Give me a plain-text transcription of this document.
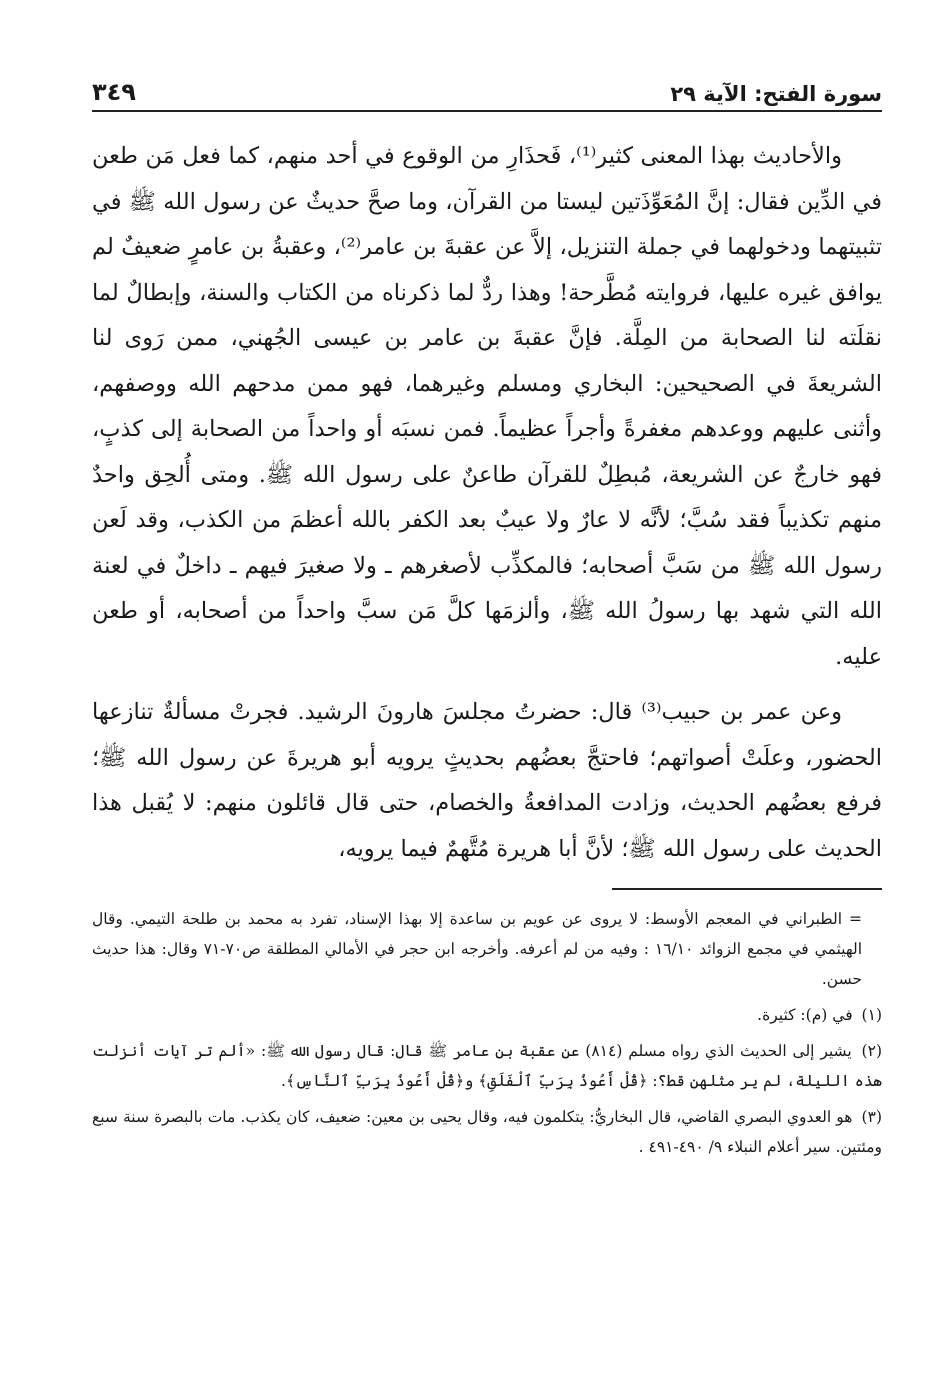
سورة الفتح: الآية ٢٩
٣٤٩

والأحاديث بهذا المعنى كثير⁽¹⁾، فَحذَارِ من الوقوع في أحد منهم، كما فعل مَن طعن في الدِّين فقال: إنَّ المُعَوِّذَتين ليستا من القرآن، وما صحَّ حديثٌ عن رسول الله ﷺ في تثبيتهما ودخولهما في جملة التنزيل، إلاَّ عن عقبةَ بن عامر⁽²⁾، وعقبةُ بن عامرٍ ضعيفٌ لم يوافق غيره عليها، فروايته مُطَّرحة! وهذا ردٌّ لما ذكرناه من الكتاب والسنة، وإبطالٌ لما نقلَته لنا الصحابة من المِلَّة. فإنَّ عقبةَ بن عامر بن عيسى الجُهني، ممن رَوى لنا الشريعةَ في الصحيحين: البخاري ومسلم وغيرهما، فهو ممن مدحهم الله ووصفهم، وأثنى عليهم ووعدهم مغفرةً وأجراً عظيماً. فمن نسبَه أو واحداً من الصحابة إلى كذبٍ، فهو خارجٌ عن الشريعة، مُبطِلٌ للقرآن طاعنٌ على رسول الله ﷺ. ومتى أُلحِق واحدٌ منهم تكذيباً فقد سُبَّ؛ لأنَّه لا عارٌ ولا عيبٌ بعد الكفر بالله أعظمَ من الكذب، وقد لَعن رسول الله ﷺ من سَبَّ أصحابه؛ فالمكذِّب لأصغرهم ـ ولا صغيرَ فيهم ـ داخلٌ في لعنة الله التي شهد بها رسولُ الله ﷺ، وألزمَها كلَّ مَن سبَّ واحداً من أصحابه، أو طعن عليه.

وعن عمر بن حبيب⁽³⁾ قال: حضرتُ مجلسَ هارونَ الرشيد. فجرتْ مسألةٌ تنازعها الحضور، وعلَتْ أصواتهم؛ فاحتجَّ بعضُهم بحديثٍ يرويه أبو هريرةَ عن رسول الله ﷺ؛ فرفع بعضُهم الحديث، وزادت المدافعةُ والخصام، حتى قال قائلون منهم: لا يُقبل هذا الحديث على رسول الله ﷺ؛ لأنَّ أبا هريرة مُتَّهمٌ فيما يرويه،

= الطبراني في المعجم الأوسط: لا يروى عن عويم بن ساعدة إلا بهذا الإسناد، تفرد به محمد بن طلحة التيمي. وقال الهيثمي في مجمع الزوائد ١٦/١٠ : وفيه من لم أعرفه. وأخرجه ابن حجر في الأمالي المطلقة ص٧٠-٧١ وقال: هذا حديث حسن.

(١) في (م): كثيرة.

(٢) يشير إلى الحديث الذي رواه مسلم (٨١٤) عن عقبة بن عامر ﷺ قال: قال رسول الله ﷺ: «ألم تر آيات أنزلت هذه الليلة، لم ير مثلهن قط؟: ﴿قُلْ أَعُوذُ بِرَبِّ ٱلْفَلَقِ﴾ و﴿قُلْ أَعُوذُ بِرَبِّ ٱلنَّاسِ﴾.

(٣) هو العدوي البصري القاضي، قال البخاريُّ: يتكلمون فيه، وقال يحيى بن معين: ضعيف، كان يكذب. مات بالبصرة سنة سبع ومئتين. سير أعلام النبلاء ٩/ ٤٩٠-٤٩١ .
